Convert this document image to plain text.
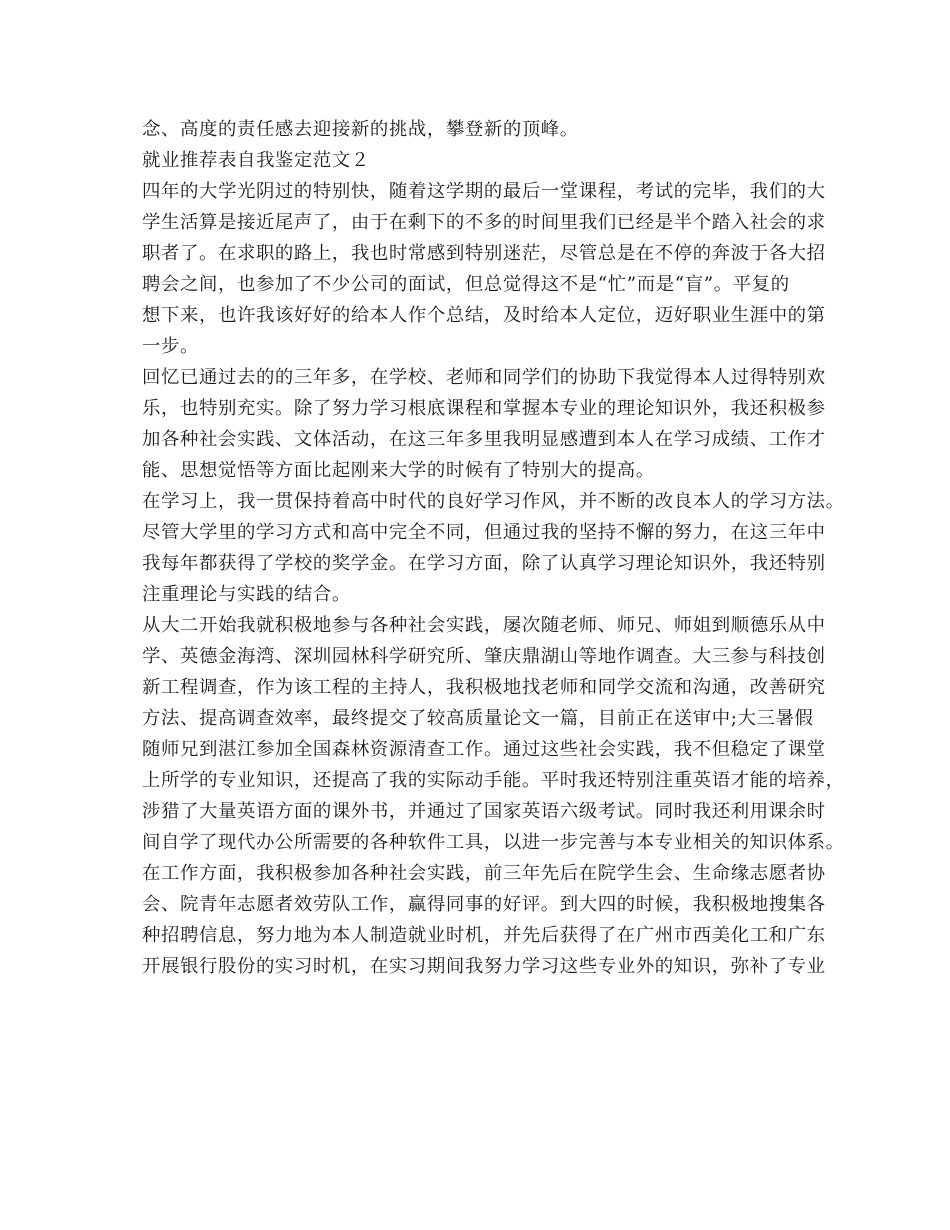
念、高度的责任感去迎接新的挑战，攀登新的顶峰。
就业推荐表自我鉴定范文２
四年的大学光阴过的特别快，随着这学期的最后一堂课程，考试的完毕，我们的大
学生活算是接近尾声了，由于在剩下的不多的时间里我们已经是半个踏入社会的求
职者了。在求职的路上，我也时常感到特别迷茫，尽管总是在不停的奔波于各大招
聘会之间，也参加了不少公司的面试，但总觉得这不是“忙”而是“盲”。平复的
想下来，也许我该好好的给本人作个总结，及时给本人定位，迈好职业生涯中的第
一步。
回忆已通过去的的三年多，在学校、老师和同学们的协助下我觉得本人过得特别欢
乐，也特别充实。除了努力学习根底课程和掌握本专业的理论知识外，我还积极参
加各种社会实践、文体活动，在这三年多里我明显感遭到本人在学习成绩、工作才
能、思想觉悟等方面比起刚来大学的时候有了特别大的提高。
在学习上，我一贯保持着高中时代的良好学习作风，并不断的改良本人的学习方法。
尽管大学里的学习方式和高中完全不同，但通过我的坚持不懈的努力，在这三年中
我每年都获得了学校的奖学金。在学习方面，除了认真学习理论知识外，我还特别
注重理论与实践的结合。
从大二开始我就积极地参与各种社会实践，屡次随老师、师兄、师姐到顺德乐从中
学、英德金海湾、深圳园林科学研究所、肇庆鼎湖山等地作调查。大三参与科技创
新工程调查，作为该工程的主持人，我积极地找老师和同学交流和沟通，改善研究
方法、提高调查效率，最终提交了较高质量论文一篇，目前正在送审中;大三暑假
随师兄到湛江参加全国森林资源清查工作。通过这些社会实践，我不但稳定了课堂
上所学的专业知识，还提高了我的实际动手能。平时我还特别注重英语才能的培养，
涉猎了大量英语方面的课外书，并通过了国家英语六级考试。同时我还利用课余时
间自学了现代办公所需要的各种软件工具，以进一步完善与本专业相关的知识体系。
在工作方面，我积极参加各种社会实践，前三年先后在院学生会、生命缘志愿者协
会、院青年志愿者效劳队工作，赢得同事的好评。到大四的时候，我积极地搜集各
种招聘信息，努力地为本人制造就业时机，并先后获得了在广州市西美化工和广东
开展银行股份的实习时机，在实习期间我努力学习这些专业外的知识，弥补了专业
